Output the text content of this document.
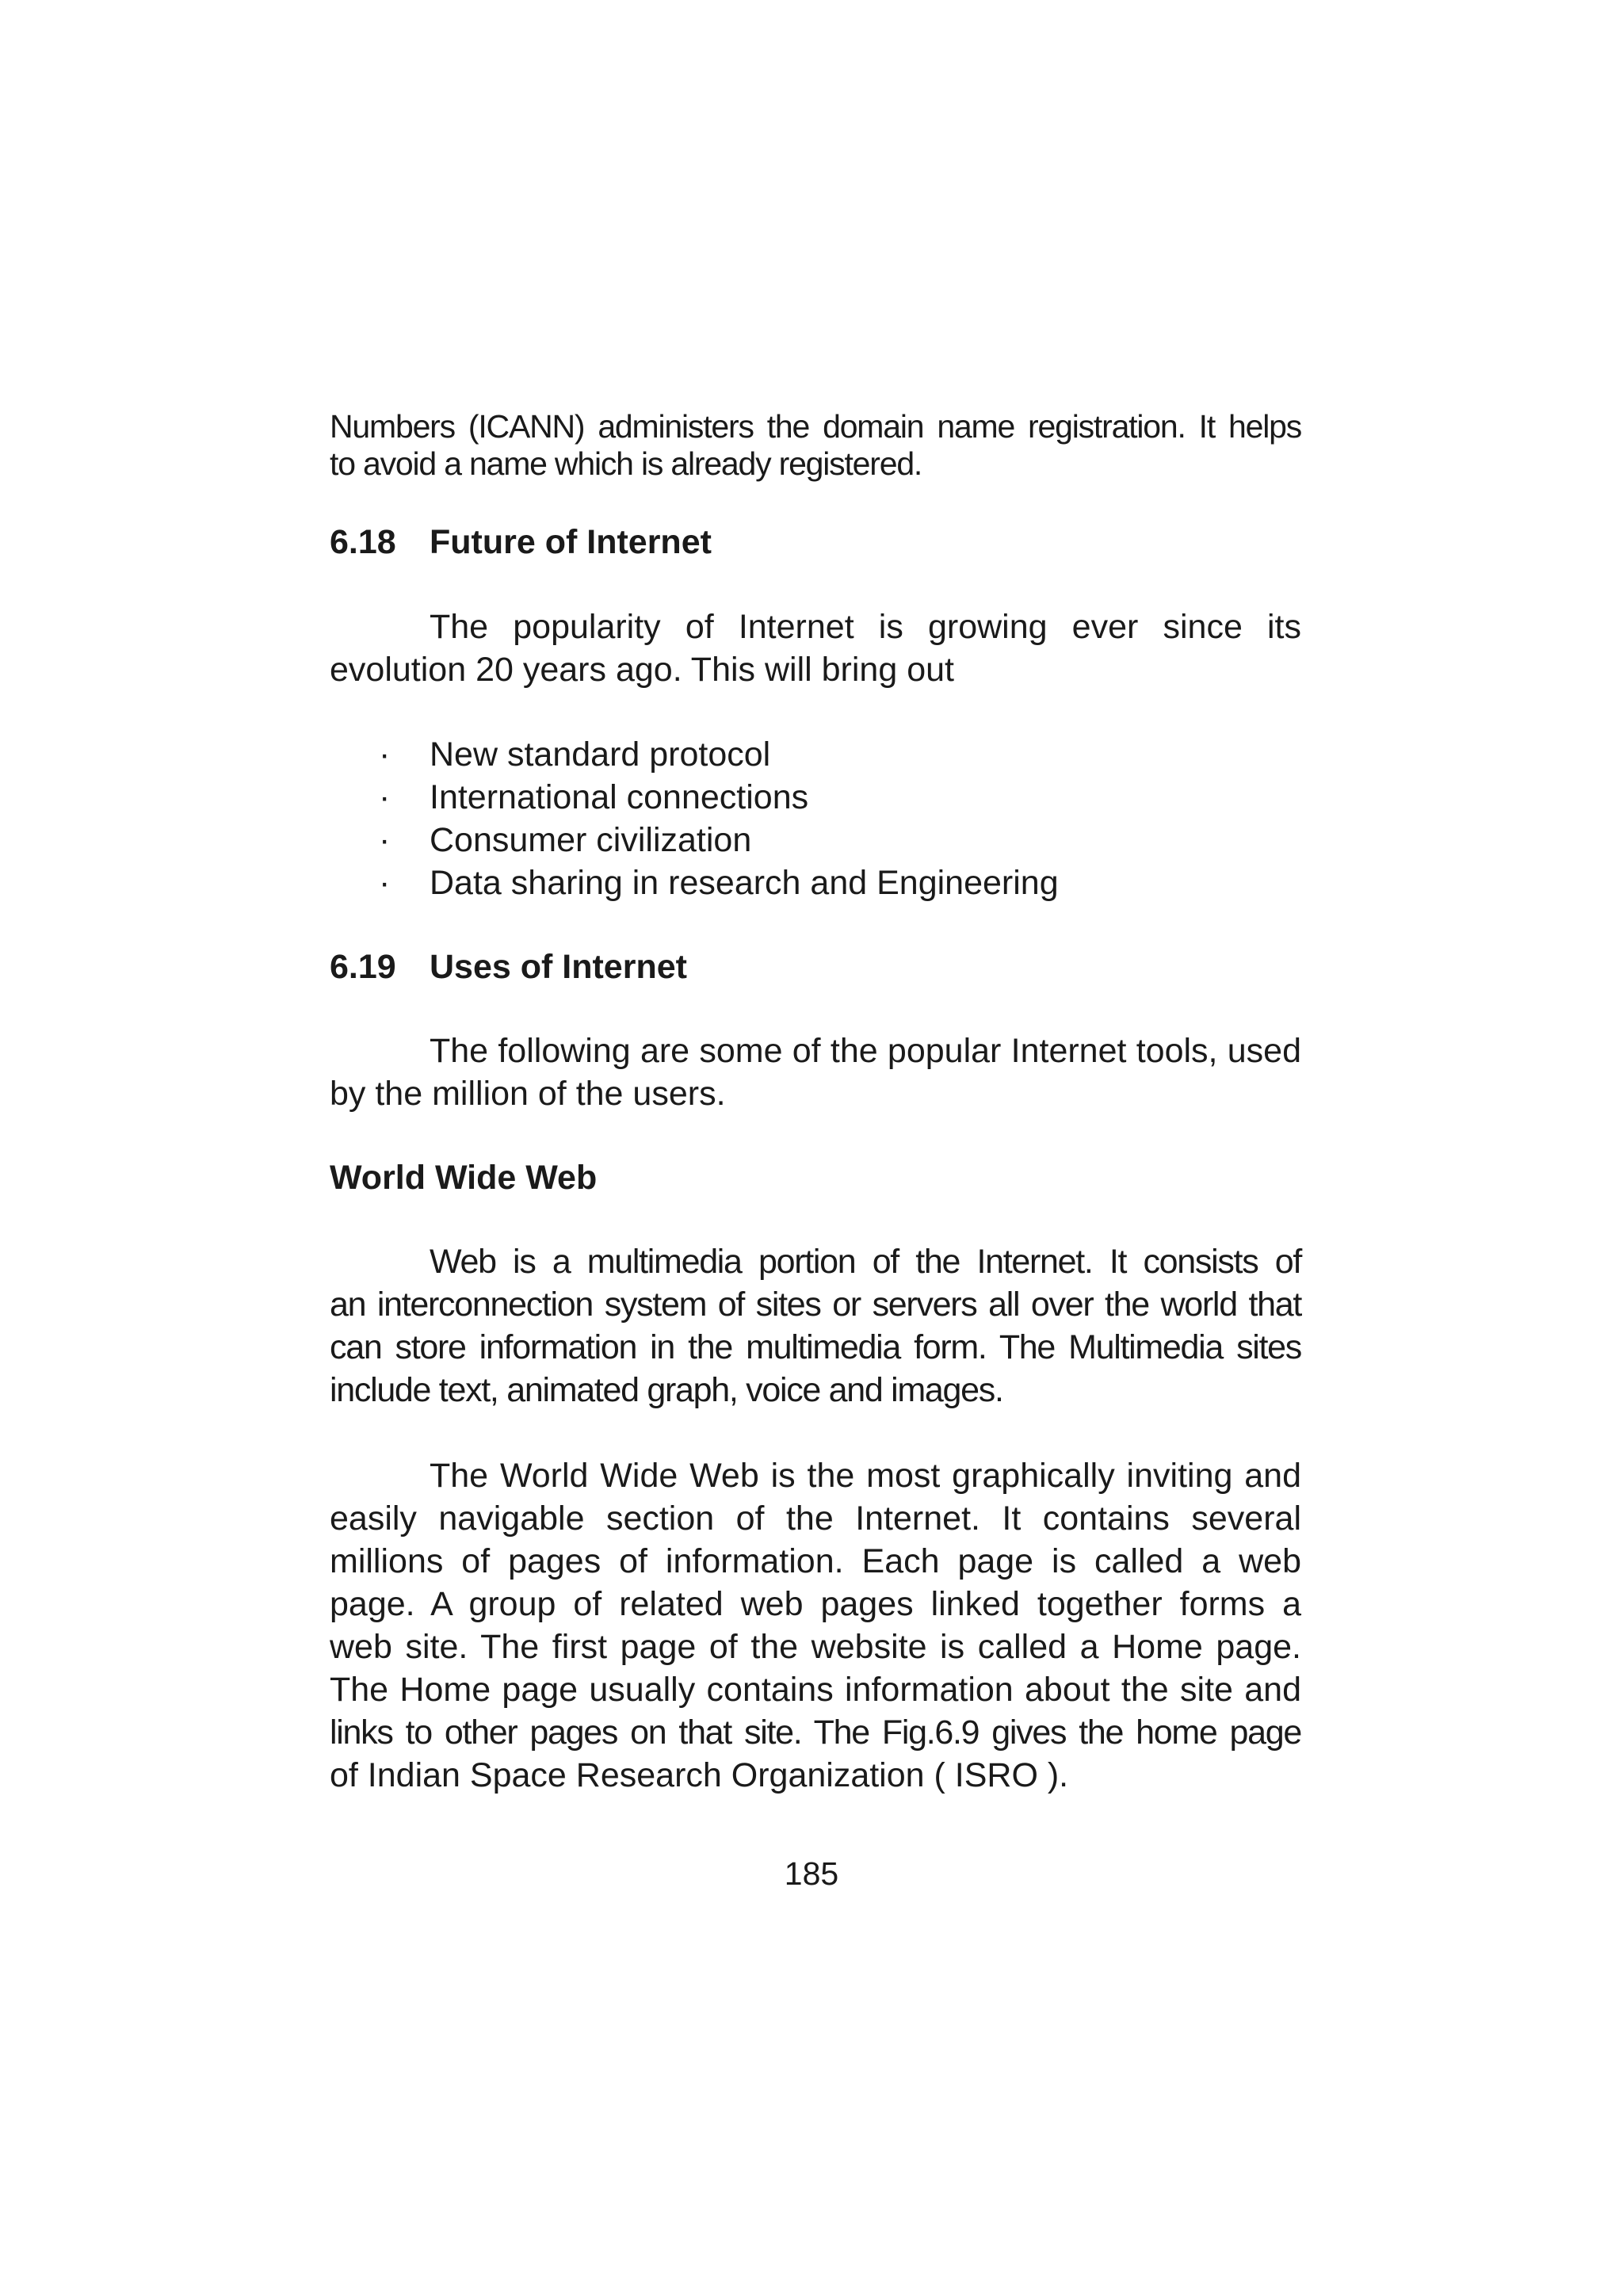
Numbers (ICANN) administers the domain name registration. It helps
to avoid a name which is already registered.

6.18 Future of Internet

The popularity of Internet is growing ever since its
evolution 20 years ago. This will bring out

· New standard protocol
· International connections
· Consumer civilization
· Data sharing in research and Engineering
6.19 Uses of Internet

The following are some of the popular Internet tools, used
by the million of the users.

World Wide Web

Web is a multimedia portion of the Internet. It consists of
an interconnection system of sites or servers all over the world that
can store information in the multimedia form. The Multimedia sites
include text, animated graph, voice and images.

The World Wide Web is the most graphically inviting and
easily navigable section of the Internet. It contains several
millions of pages of information. Each page is called a web
page. A group of related web pages linked together forms a
web site. The first page of the website is called a Home page.
The Home page usually contains information about the site and
links to other pages on that site. The Fig.6.9 gives the home page
of Indian Space Research Organization ( ISRO ).

185
